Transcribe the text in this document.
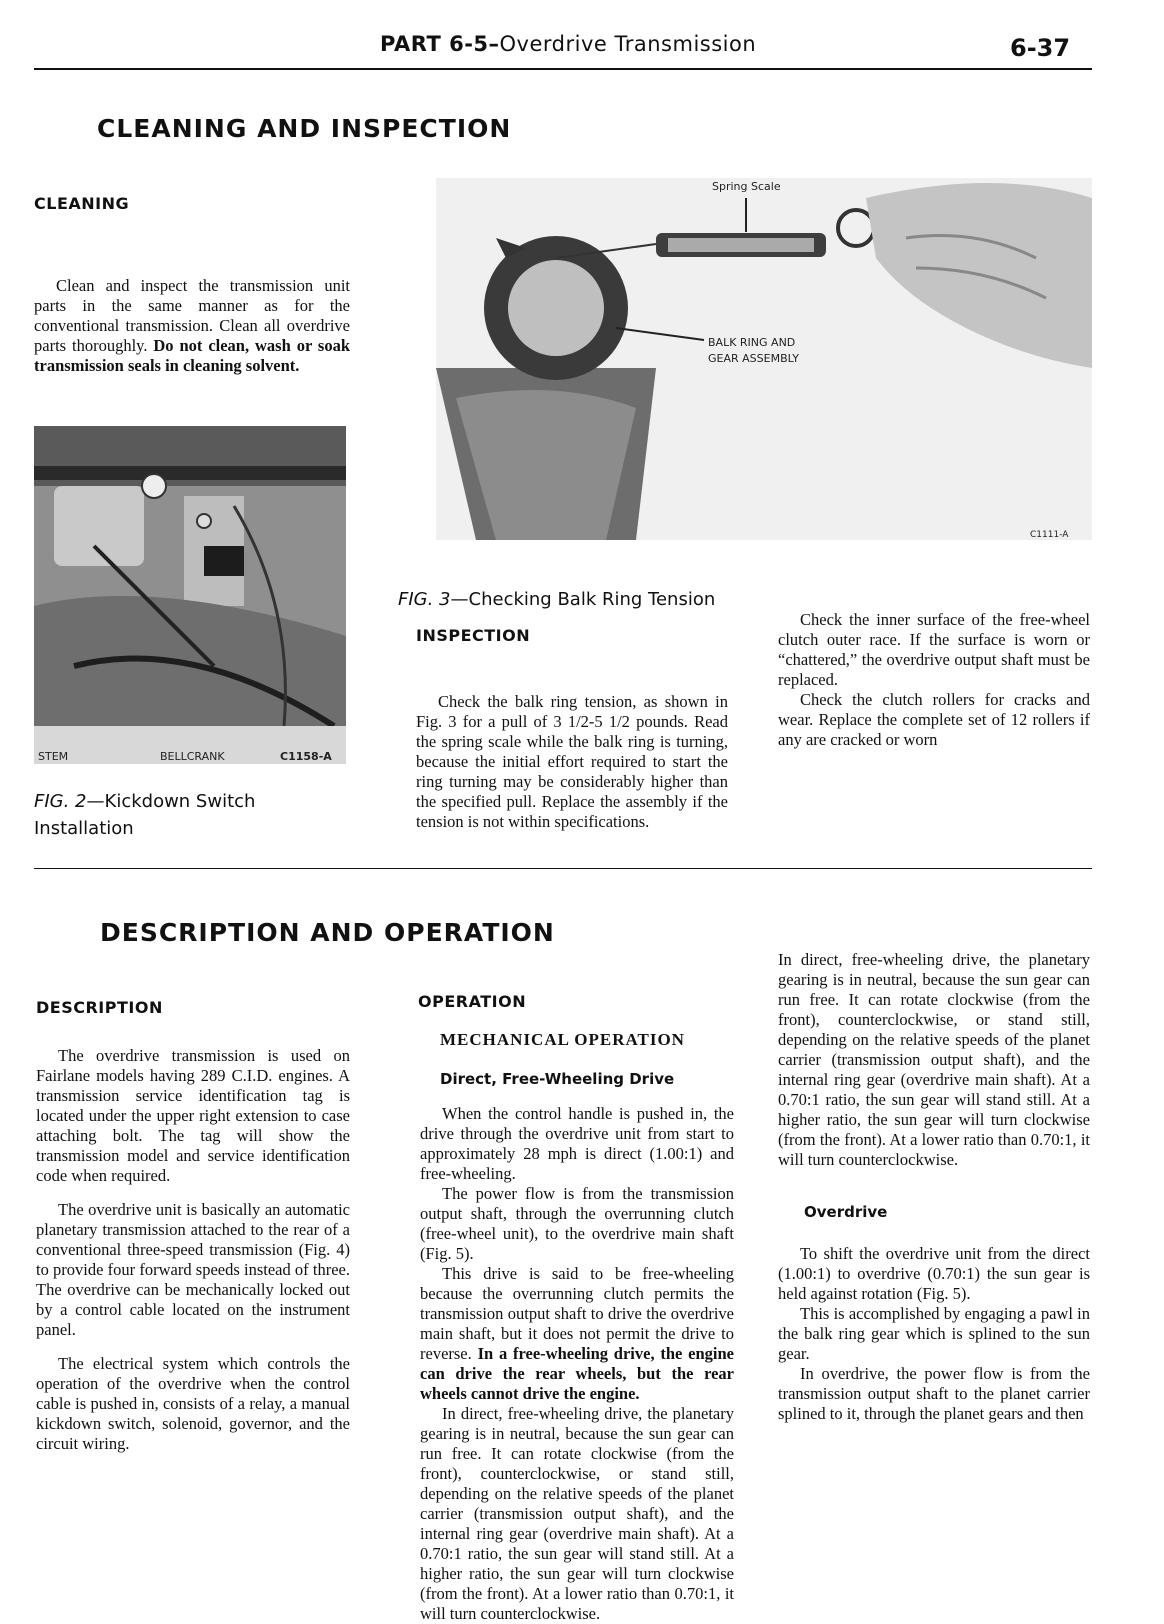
PART 6-5–Overdrive Transmission	6-37
CLEANING AND INSPECTION
CLEANING

Clean and inspect the transmission unit parts in the same manner as for the conventional transmission. Clean all overdrive parts thoroughly. Do not clean, wash or soak transmission seals in cleaning solvent.

STEM	BELLCRANK	C1158-A
FIG. 2—Kickdown Switch Installation
Spring Scale
BALK RING AND
GEAR ASSEMBLY
C1111-A
FIG. 3—Checking Balk Ring Tension
INSPECTION

Check the balk ring tension, as shown in Fig. 3 for a pull of 3 1/2-5 1/2 pounds. Read the spring scale while the balk ring is turning, because the initial effort required to start the ring turning may be considerably higher than the specified pull. Replace the assembly if the tension is not within specifications.

Check the inner surface of the free-wheel clutch outer race. If the surface is worn or “chattered,” the overdrive output shaft must be replaced.

Check the clutch rollers for cracks and wear. Replace the complete set of 12 rollers if any are cracked or worn

DESCRIPTION AND OPERATION
DESCRIPTION

The overdrive transmission is used on Fairlane models having 289 C.I.D. engines. A transmission service identification tag is located under the upper right extension to case attaching bolt. The tag will show the transmission model and service identification code when required.

The overdrive unit is basically an automatic planetary transmission attached to the rear of a conventional three-speed transmission (Fig. 4) to provide four forward speeds instead of three. The overdrive can be mechanically locked out by a control cable located on the instrument panel.

The electrical system which controls the operation of the overdrive when the control cable is pushed in, consists of a relay, a manual kickdown switch, solenoid, governor, and the circuit wiring.

OPERATION
MECHANICAL OPERATION
Direct, Free-Wheeling Drive

When the control handle is pushed in, the drive through the overdrive unit from start to approximately 28 mph is direct (1.00:1) and free-wheeling.

The power flow is from the transmission output shaft, through the overrunning clutch (free-wheel unit), to the overdrive main shaft (Fig. 5).

This drive is said to be free-wheeling because the overrunning clutch permits the transmission output shaft to drive the overdrive main shaft, but it does not permit the drive to reverse. In a free-wheeling drive, the engine can drive the rear wheels, but the rear wheels cannot drive the engine.

In direct, free-wheeling drive, the planetary gearing is in neutral, because the sun gear can run free. It can rotate clockwise (from the front), counterclockwise, or stand still, depending on the relative speeds of the planet carrier (transmission output shaft), and the internal ring gear (overdrive main shaft). At a 0.70:1 ratio, the sun gear will stand still. At a higher ratio, the sun gear will turn clockwise (from the front). At a lower ratio than 0.70:1, it will turn counterclockwise.

In direct, free-wheeling drive, the planetary gearing is in neutral, because the sun gear can run free. It can rotate clockwise (from the front), counterclockwise, or stand still, depending on the relative speeds of the planet carrier (transmission output shaft), and the internal ring gear (overdrive main shaft). At a 0.70:1 ratio, the sun gear will stand still. At a higher ratio, the sun gear will turn clockwise (from the front). At a lower ratio than 0.70:1, it will turn counterclockwise.

Overdrive

To shift the overdrive unit from the direct (1.00:1) to overdrive (0.70:1) the sun gear is held against rotation (Fig. 5).

This is accomplished by engaging a pawl in the balk ring gear which is splined to the sun gear.

In overdrive, the power flow is from the transmission output shaft to the planet carrier splined to it, through the planet gears and then
